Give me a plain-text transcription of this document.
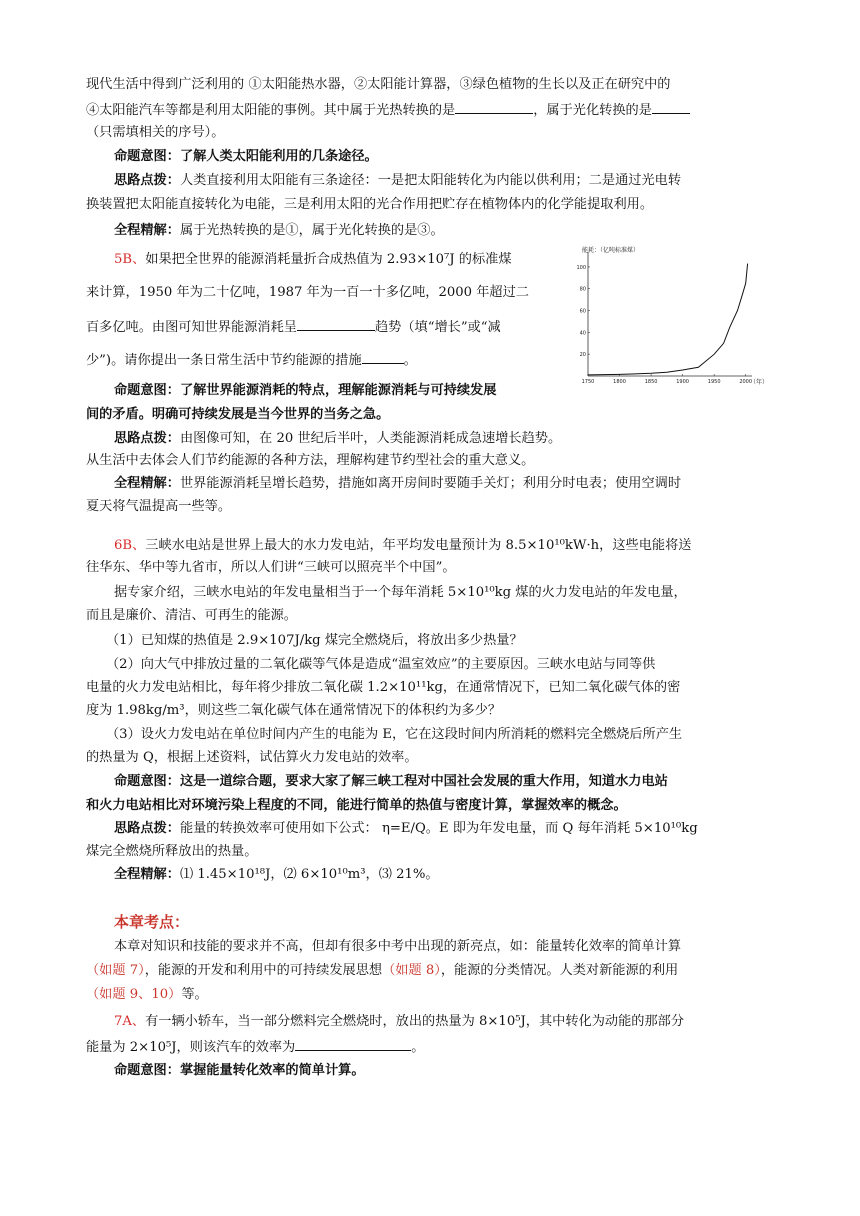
现代生活中得到广泛利用的 ①太阳能热水器，②太阳能计算器，③绿色植物的生长以及正在研究中的
④太阳能汽车等都是利用太阳能的事例。其中属于光热转换的是	，属于光化转换的是
（只需填相关的序号）。
命题意图：了解人类太阳能利用的几条途径。
思路点拨：人类直接利用太阳能有三条途径：一是把太阳能转化为内能以供利用；二是通过光电转
换装置把太阳能直接转化为电能，三是利用太阳的光合作用把贮存在植物体内的化学能提取利用。
全程精解：属于光热转换的是①，属于光化转换的是③。
5B、如果把全世界的能源消耗量折合成热值为 2.93×10⁷J 的标准煤
来计算，1950 年为二十亿吨，1987 年为一百一十多亿吨，2000 年超过二
百多亿吨。由图可知世界能源消耗呈	趋势（填“增长”或“减
少”)。请你提出一条日常生活中节约能源的措施	。
命题意图：了解世界能源消耗的特点，理解能源消耗与可持续发展
间的矛盾。明确可持续发展是当今世界的当务之急。
思路点拨：由图像可知，在 20 世纪后半叶，人类能源消耗成急速增长趋势。
从生活中去体会人们节约能源的各种方法，理解构建节约型社会的重大意义。
全程精解：世界能源消耗呈增长趋势，措施如离开房间时要随手关灯；利用分时电表；使用空调时
夏天将气温提高一些等。
能耗：（亿吨标准煤）
1750	1800	1850	1900	1950	2000
20
40
60
80
100
（年）
6B、三峡水电站是世界上最大的水力发电站，年平均发电量预计为 8.5×10¹⁰kW·h，这些电能将送
往华东、华中等九省市，所以人们讲“三峡可以照亮半个中国”。
据专家介绍，三峡水电站的年发电量相当于一个每年消耗 5×10¹⁰kg 煤的火力发电站的年发电量，
而且是廉价、清洁、可再生的能源。
（1）已知煤的热值是 2.9×107J/kg 煤完全燃烧后，将放出多少热量？
（2）向大气中排放过量的二氧化碳等气体是造成“温室效应”的主要原因。三峡水电站与同等供
电量的火力发电站相比，每年将少排放二氧化碳 1.2×10¹¹kg，在通常情况下，已知二氧化碳气体的密
度为 1.98kg/m³，则这些二氧化碳气体在通常情况下的体积约为多少？
（3）设火力发电站在单位时间内产生的电能为 E，它在这段时间内所消耗的燃料完全燃烧后所产生
的热量为 Q，根据上述资料，试估算火力发电站的效率。
命题意图：这是一道综合题，要求大家了解三峡工程对中国社会发展的重大作用，知道水力电站
和火力电站相比对环境污染上程度的不同，能进行简单的热值与密度计算，掌握效率的概念。
思路点拨：能量的转换效率可使用如下公式： η=E/Q。E 即为年发电量，而 Q 每年消耗 5×10¹⁰kg
煤完全燃烧所释放出的热量。
全程精解：⑴ 1.45×10¹⁸J，⑵ 6×10¹⁰m³，⑶ 21%。
本章考点：
本章对知识和技能的要求并不高，但却有很多中考中出现的新亮点，如：能量转化效率的简单计算
（如题 7），能源的开发和利用中的可持续发展思想（如题 8），能源的分类情况。人类对新能源的利用
（如题 9、10）等。
7A、有一辆小轿车，当一部分燃料完全燃烧时，放出的热量为 8×10⁵J，其中转化为动能的那部分
能量为 2×10⁵J，则该汽车的效率为	。
命题意图：掌握能量转化效率的简单计算。
